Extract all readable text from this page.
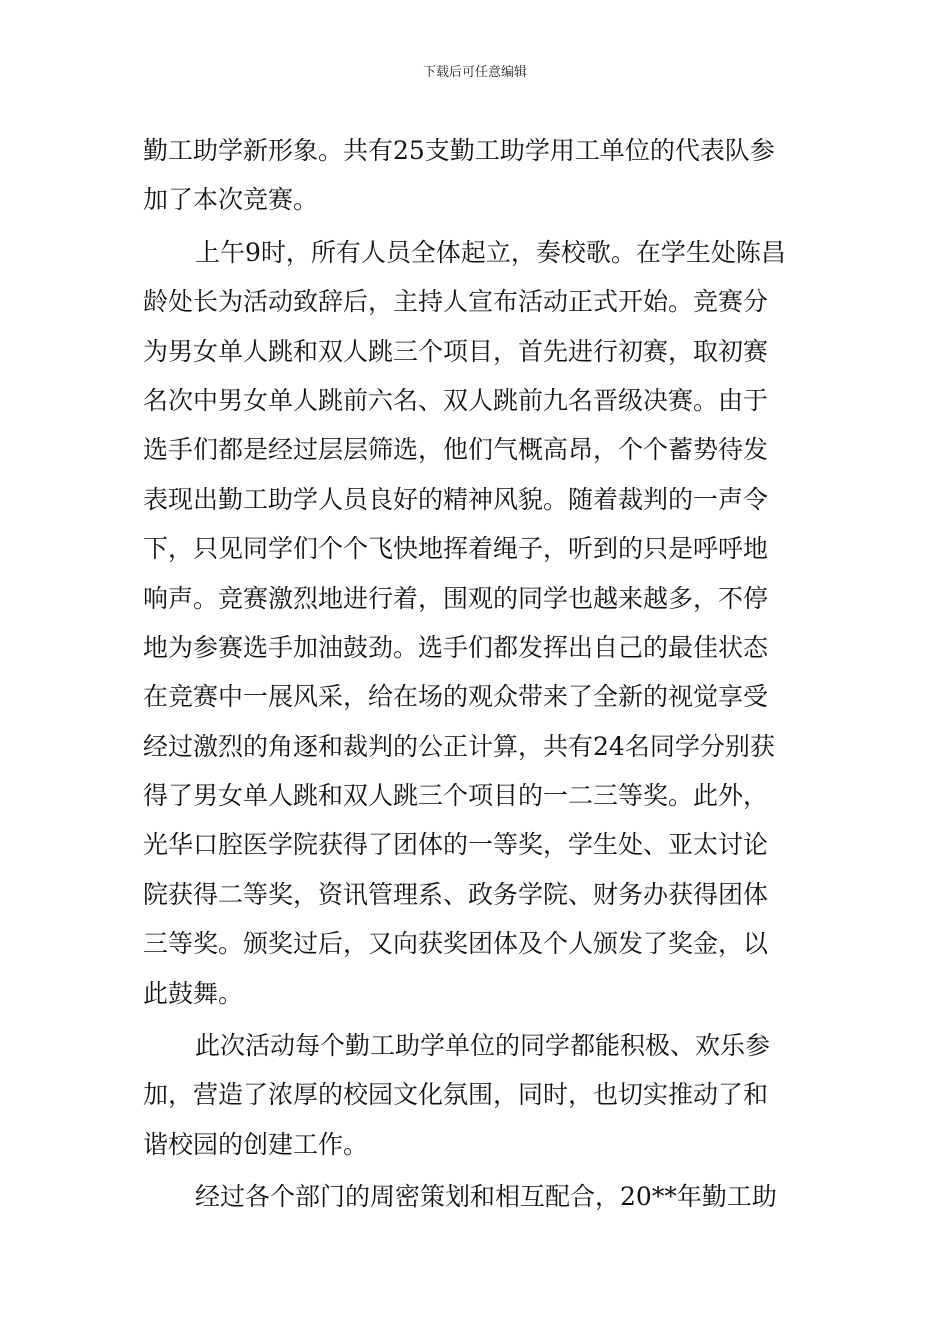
下载后可任意编辑
勤工助学新形象。共有25支勤工助学用工单位的代表队参
加了本次竞赛。
上午9时，所有人员全体起立，奏校歌。在学生处陈昌
龄处长为活动致辞后，主持人宣布活动正式开始。竞赛分
为男女单人跳和双人跳三个项目，首先进行初赛，取初赛
名次中男女单人跳前六名、双人跳前九名晋级决赛。由于
选手们都是经过层层筛选，他们气概高昂，个个蓄势待发
表现出勤工助学人员良好的精神风貌。随着裁判的一声令
下，只见同学们个个飞快地挥着绳子，听到的只是呼呼地
响声。竞赛激烈地进行着，围观的同学也越来越多，不停
地为参赛选手加油鼓劲。选手们都发挥出自己的最佳状态
在竞赛中一展风采，给在场的观众带来了全新的视觉享受
经过激烈的角逐和裁判的公正计算，共有24名同学分别获
得了男女单人跳和双人跳三个项目的一二三等奖。此外，
光华口腔医学院获得了团体的一等奖，学生处、亚太讨论
院获得二等奖，资讯管理系、政务学院、财务办获得团体
三等奖。颁奖过后，又向获奖团体及个人颁发了奖金，以
此鼓舞。
此次活动每个勤工助学单位的同学都能积极、欢乐参
加，营造了浓厚的校园文化氛围，同时，也切实推动了和
谐校园的创建工作。
经过各个部门的周密策划和相互配合，20**年勤工助
